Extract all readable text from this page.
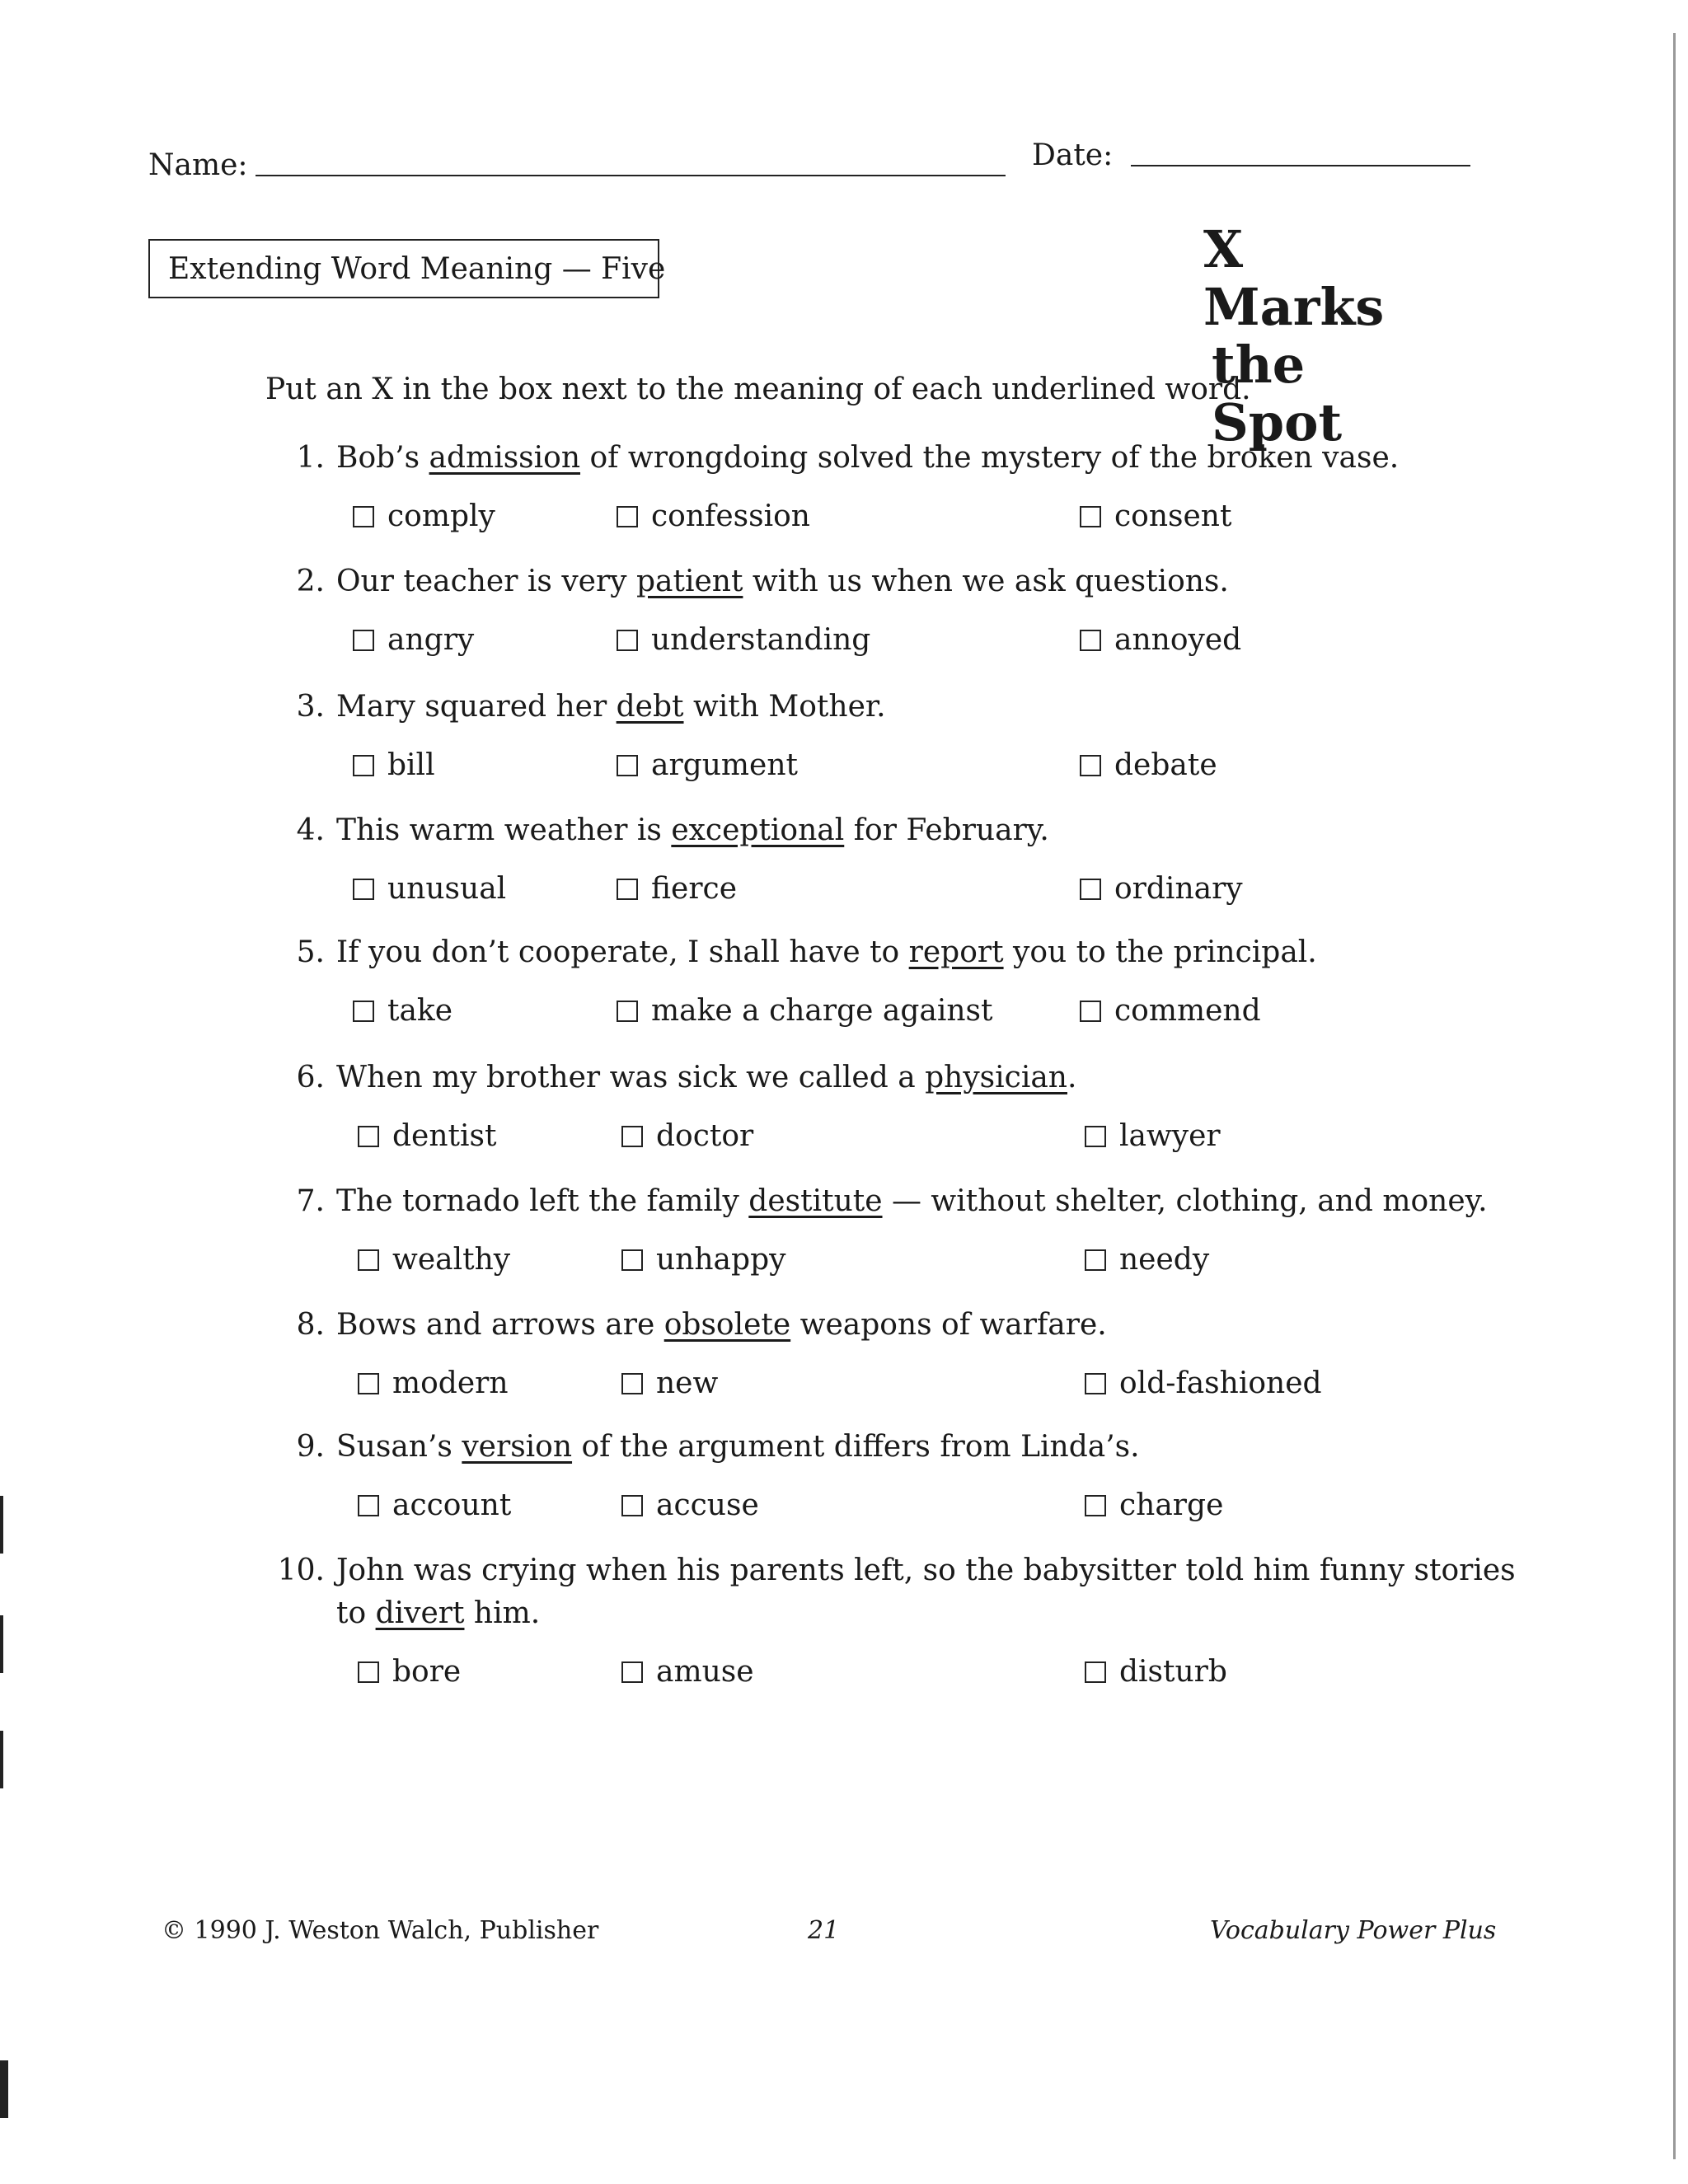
Name:	Date:
Extending Word Meaning — Five	X Marks
the Spot
Put an X in the box next to the meaning of each underlined word.
1. Bob’s admission of wrongdoing solved the mystery of the broken vase.
comply	confession	consent
2. Our teacher is very patient with us when we ask questions.
angry	understanding	annoyed
3. Mary squared her debt with Mother.
bill	argument	debate
4. This warm weather is exceptional for February.
unusual	fierce	ordinary
5. If you don’t cooperate, I shall have to report you to the principal.
take	make a charge against	commend
6. When my brother was sick we called a physician.
dentist	doctor	lawyer
7. The tornado left the family destitute — without shelter, clothing, and money.
wealthy	unhappy	needy
8. Bows and arrows are obsolete weapons of warfare.
modern	new	old-fashioned
9. Susan’s version of the argument differs from Linda’s.
account	accuse	charge
10. John was crying when his parents left, so the babysitter told him funny stories to divert him.
bore	amuse	disturb
© 1990 J. Weston Walch, Publisher	21	Vocabulary Power Plus
